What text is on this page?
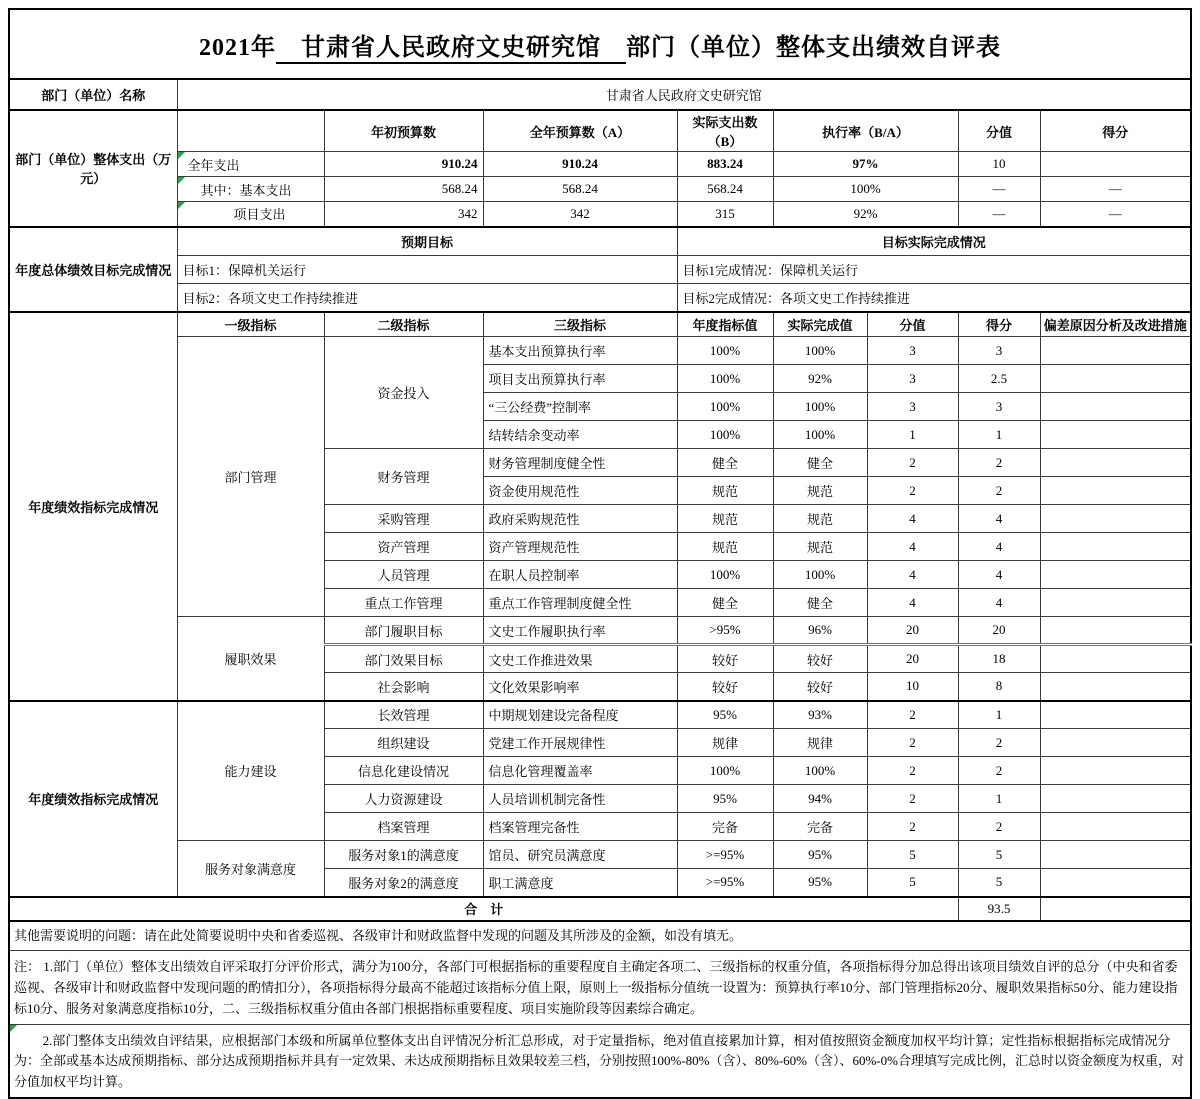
2021年　甘肃省人民政府文史研究馆　部门（单位）整体支出绩效自评表								
部门（单位）名称	甘肃省人民政府文史研究馆							
部门（单位）整体支出（万元）		年初预算数	全年预算数（A）	实际支出数（B）	执行率（B/A）		分值	得分

全年支出	910.24	910.24	883.24	97%		10	

其中：基本支出	568.24	568.24	568.24	100%		—	—

项目支出	342	342	315	92%		—	—
年度总体绩效目标完成情况	预期目标			目标实际完成情况				
	目标1：保障机关运行			目标1完成情况：保障机关运行				
	目标2：各项文史工作持续推进			目标2完成情况：各项文史工作持续推进				
年度绩效指标完成情况	一级指标	二级指标	三级指标	年度指标值	实际完成值	分值	得分	偏差原因分析及改进措施
	部门管理	资金投入	基本支出预算执行率	100%	100%	3	3	
			项目支出预算执行率	100%	92%	3	2.5	
			“三公经费”控制率	100%	100%	3	3	
			结转结余变动率	100%	100%	1	1	
		财务管理	财务管理制度健全性	健全	健全	2	2	
			资金使用规范性	规范	规范	2	2	
		采购管理	政府采购规范性	规范	规范	4	4	
		资产管理	资产管理规范性	规范	规范	4	4	
		人员管理	在职人员控制率	100%	100%	4	4	
		重点工作管理	重点工作管理制度健全性	健全	健全	4	4	
	履职效果	部门履职目标	文史工作履职执行率	>95%	96%	20	20	
		部门效果目标	文史工作推进效果	较好	较好	20	18	
		社会影响	文化效果影响率	较好	较好	10	8	
年度绩效指标完成情况	能力建设	长效管理	中期规划建设完备程度	95%	93%	2	1	
		组织建设	党建工作开展规律性	规律	规律	2	2	
		信息化建设情况	信息化管理覆盖率	100%	100%	2	2	
		人力资源建设	人员培训机制完备性	95%	94%	2	1	
		档案管理	档案管理完备性	完备	完备	2	2	
	服务对象满意度	服务对象1的满意度	馆员、研究员满意度	>=95%	95%	5	5	
		服务对象2的满意度	职工满意度	>=95%	95%	5	5	
合　计							93.5	
其他需要说明的问题：请在此处简要说明中央和省委巡视、各级审计和财政监督中发现的问题及其所涉及的金额，如没有填无。								
注： 1.部门（单位）整体支出绩效自评采取打分评价形式，满分为100分，各部门可根据指标的重要程度自主确定各项二、三级指标的权重分值，各项指标得分加总得出该项目绩效自评的总分（中央和省委巡视、各级审计和财政监督中发现问题的酌情扣分），各项指标得分最高不能超过该指标分值上限，原则上一级指标分值统一设置为：预算执行率10分、部门管理指标20分、履职效果指标50分、能力建设指标10分、服务对象满意度指标10分，二、三级指标权重分值由各部门根据指标重要程度、项目实施阶段等因素综合确定。								

2.部门整体支出绩效自评结果，应根据部门本级和所属单位整体支出自评情况分析汇总形成，对于定量指标，绝对值直接累加计算，相对值按照资金额度加权平均计算；定性指标根据指标完成情况分为：全部或基本达成预期指标、部分达成预期指标并具有一定效果、未达成预期指标且效果较差三档，分别按照100%-80%（含）、80%-60%（含）、60%-0%合理填写完成比例，汇总时以资金额度为权重，对分值加权平均计算。								
